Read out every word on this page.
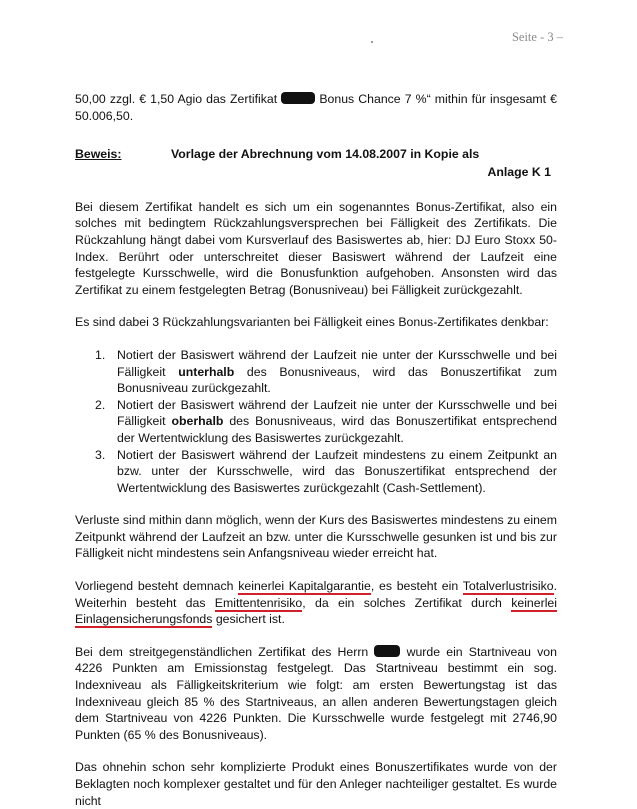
Seite - 3 –

50,00 zzgl. € 1,50 Agio das Zertifikat	Bonus Chance 7 %“ mithin für insgesamt € 50.006,50.

Beweis:	Vorlage der Abrechnung vom 14.08.2007 in Kopie als
Anlage K 1

Bei diesem Zertifikat handelt es sich um ein sogenanntes Bonus-Zertifikat, also ein solches mit bedingtem Rückzahlungsversprechen bei Fälligkeit des Zertifikats. Die Rückzahlung hängt dabei vom Kursverlauf des Basiswertes ab, hier: DJ Euro Stoxx 50-Index. Berührt oder unterschreitet dieser Basiswert während der Laufzeit eine festgelegte Kursschwelle, wird die Bonusfunktion aufgehoben. Ansonsten wird das Zertifikat zu einem festgelegten Betrag (Bonusniveau) bei Fälligkeit zurückgezahlt.

Es sind dabei 3 Rückzahlungsvarianten bei Fälligkeit eines Bonus-Zertifikates denkbar:

1. Notiert der Basiswert während der Laufzeit nie unter der Kursschwelle und bei Fälligkeit unterhalb des Bonusniveaus, wird das Bonuszertifikat zum Bonusniveau zurückgezahlt.
2. Notiert der Basiswert während der Laufzeit nie unter der Kursschwelle und bei Fälligkeit oberhalb des Bonusniveaus, wird das Bonuszertifikat entsprechend der Wertentwicklung des Basiswertes zurückgezahlt.
3. Notiert der Basiswert während der Laufzeit mindestens zu einem Zeitpunkt an bzw. unter der Kursschwelle, wird das Bonuszertifikat entsprechend der Wertentwicklung des Basiswertes zurückgezahlt (Cash-Settlement).

Verluste sind mithin dann möglich, wenn der Kurs des Basiswertes mindestens zu einem Zeitpunkt während der Laufzeit an bzw. unter die Kursschwelle gesunken ist und bis zur Fälligkeit nicht mindestens sein Anfangsniveau wieder erreicht hat.

Vorliegend besteht demnach keinerlei Kapitalgarantie, es besteht ein Totalverlustrisiko. Weiterhin besteht das Emittentenrisiko, da ein solches Zertifikat durch keinerlei Einlagensicherungsfonds gesichert ist.

Bei dem streitgegenständlichen Zertifikat des Herrn  wurde ein Startniveau von 4226 Punkten am Emissionstag festgelegt. Das Startniveau bestimmt ein sog. Indexniveau als Fälligkeitskriterium wie folgt: am ersten Bewertungstag ist das Indexniveau gleich 85 % des Startniveaus, an allen anderen Bewertungstagen gleich dem Startniveau von 4226 Punkten. Die Kursschwelle wurde festgelegt mit 2746,90 Punkten (65 % des Bonusniveaus).

Das ohnehin schon sehr komplizierte Produkt eines Bonuszertifikates wurde von der Beklagten noch komplexer gestaltet und für den Anleger nachteiliger gestaltet. Es wurde nicht
